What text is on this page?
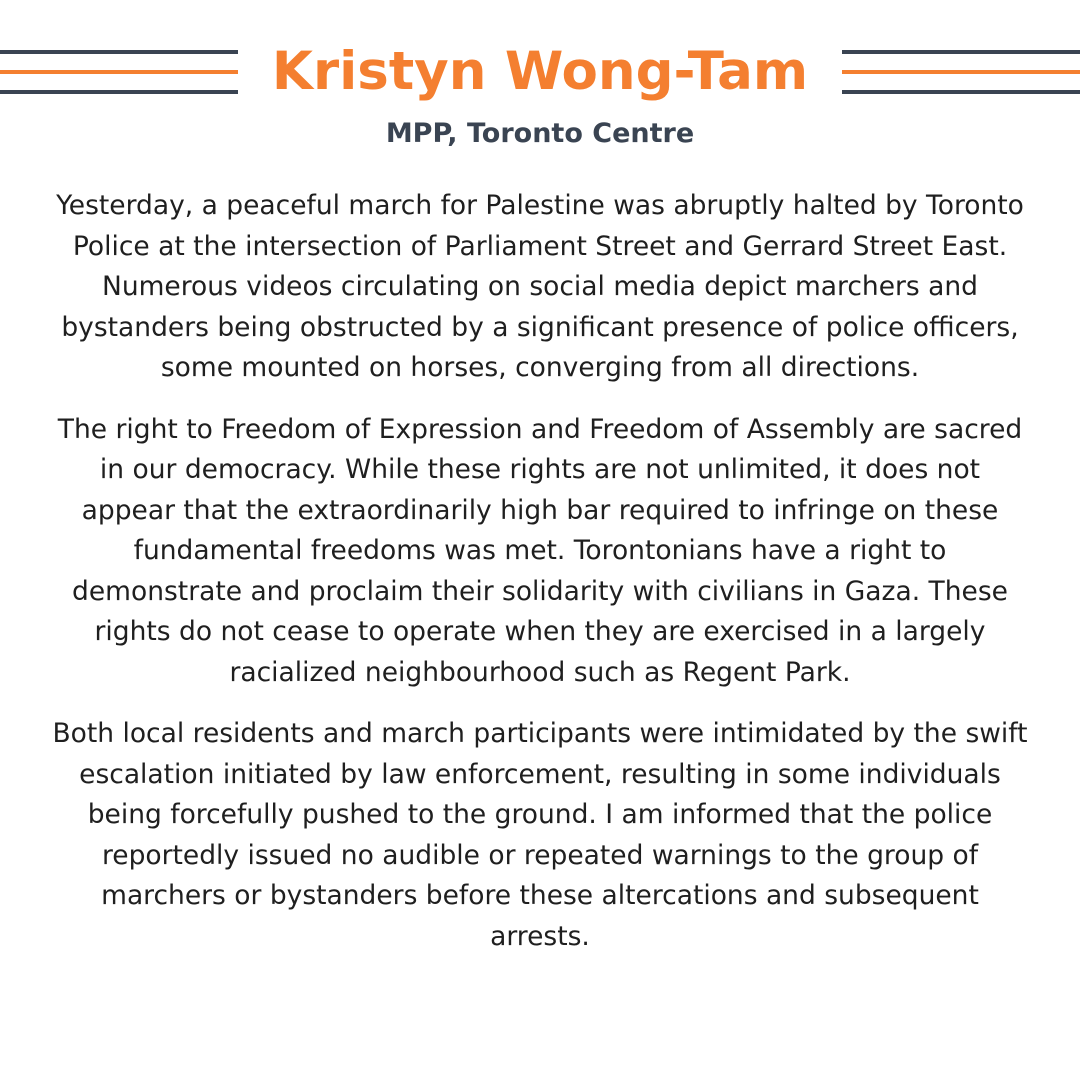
Kristyn Wong-Tam
MPP, Toronto Centre

Yesterday, a peaceful march for Palestine was abruptly halted by Toronto Police at the intersection of Parliament Street and Gerrard Street East. Numerous videos circulating on social media depict marchers and bystanders being obstructed by a significant presence of police officers, some mounted on horses, converging from all directions.

The right to Freedom of Expression and Freedom of Assembly are sacred in our democracy. While these rights are not unlimited, it does not appear that the extraordinarily high bar required to infringe on these fundamental freedoms was met. Torontonians have a right to demonstrate and proclaim their solidarity with civilians in Gaza. These rights do not cease to operate when they are exercised in a largely racialized neighbourhood such as Regent Park.

Both local residents and march participants were intimidated by the swift escalation initiated by law enforcement, resulting in some individuals being forcefully pushed to the ground. I am informed that the police reportedly issued no audible or repeated warnings to the group of marchers or bystanders before these altercations and subsequent arrests.
